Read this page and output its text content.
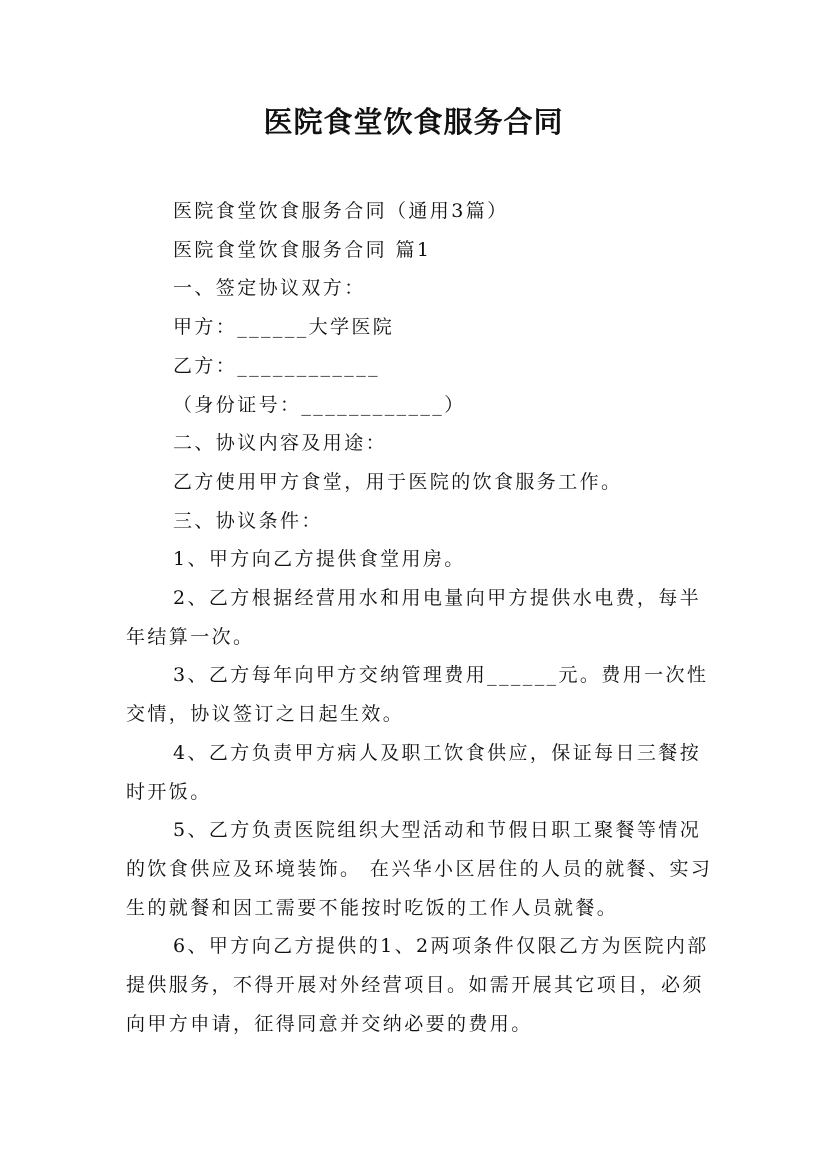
医院食堂饮食服务合同

医院食堂饮食服务合同（通用3篇）

医院食堂饮食服务合同 篇1

一、签定协议双方：

甲方：______大学医院

乙方：____________

（身份证号：____________）

二、协议内容及用途：

乙方使用甲方食堂，用于医院的饮食服务工作。

三、协议条件：

1、甲方向乙方提供食堂用房。

2、乙方根据经营用水和用电量向甲方提供水电费，每半年结算一次。

3、乙方每年向甲方交纳管理费用______元。费用一次性交情，协议签订之日起生效。

4、乙方负责甲方病人及职工饮食供应，保证每日三餐按时开饭。

5、乙方负责医院组织大型活动和节假日职工聚餐等情况的饮食供应及环境装饰。 在兴华小区居住的人员的就餐、实习生的就餐和因工需要不能按时吃饭的工作人员就餐。

6、甲方向乙方提供的1、2两项条件仅限乙方为医院内部提供服务，不得开展对外经营项目。如需开展其它项目，必须向甲方申请，征得同意并交纳必要的费用。
